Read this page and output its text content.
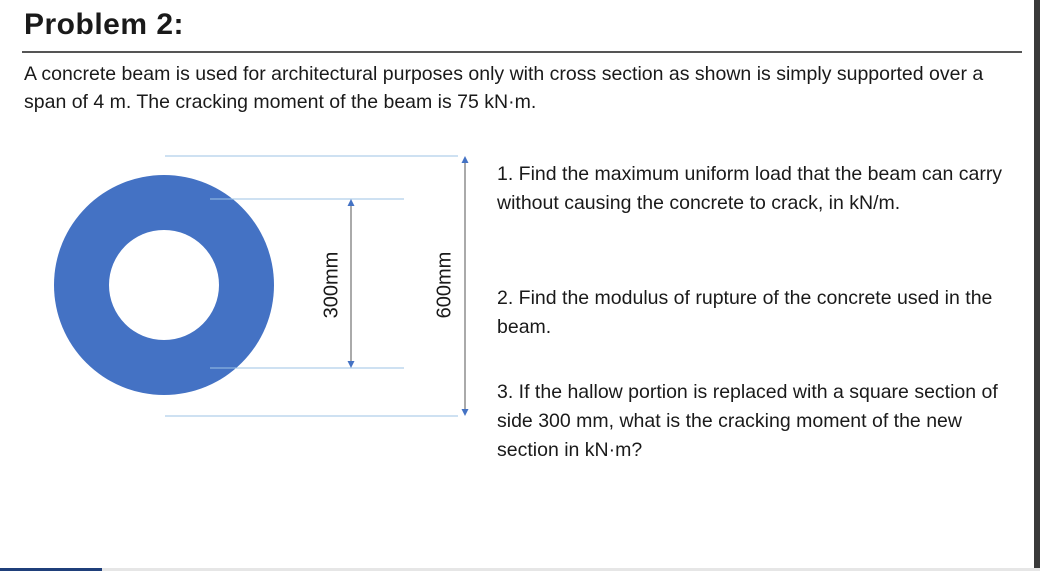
Problem 2:

A concrete beam is used for architectural purposes only with cross section as shown is simply supported over a span of 4 m. The cracking moment of the beam is 75 kN·m.

300mm	600mm

1. Find the maximum uniform load that the beam can carry without causing the concrete to crack, in kN/m.

2. Find the modulus of rupture of the concrete used in the beam.

3. If the hallow portion is replaced with a square section of side 300 mm, what is the cracking moment of the new section in kN·m?
